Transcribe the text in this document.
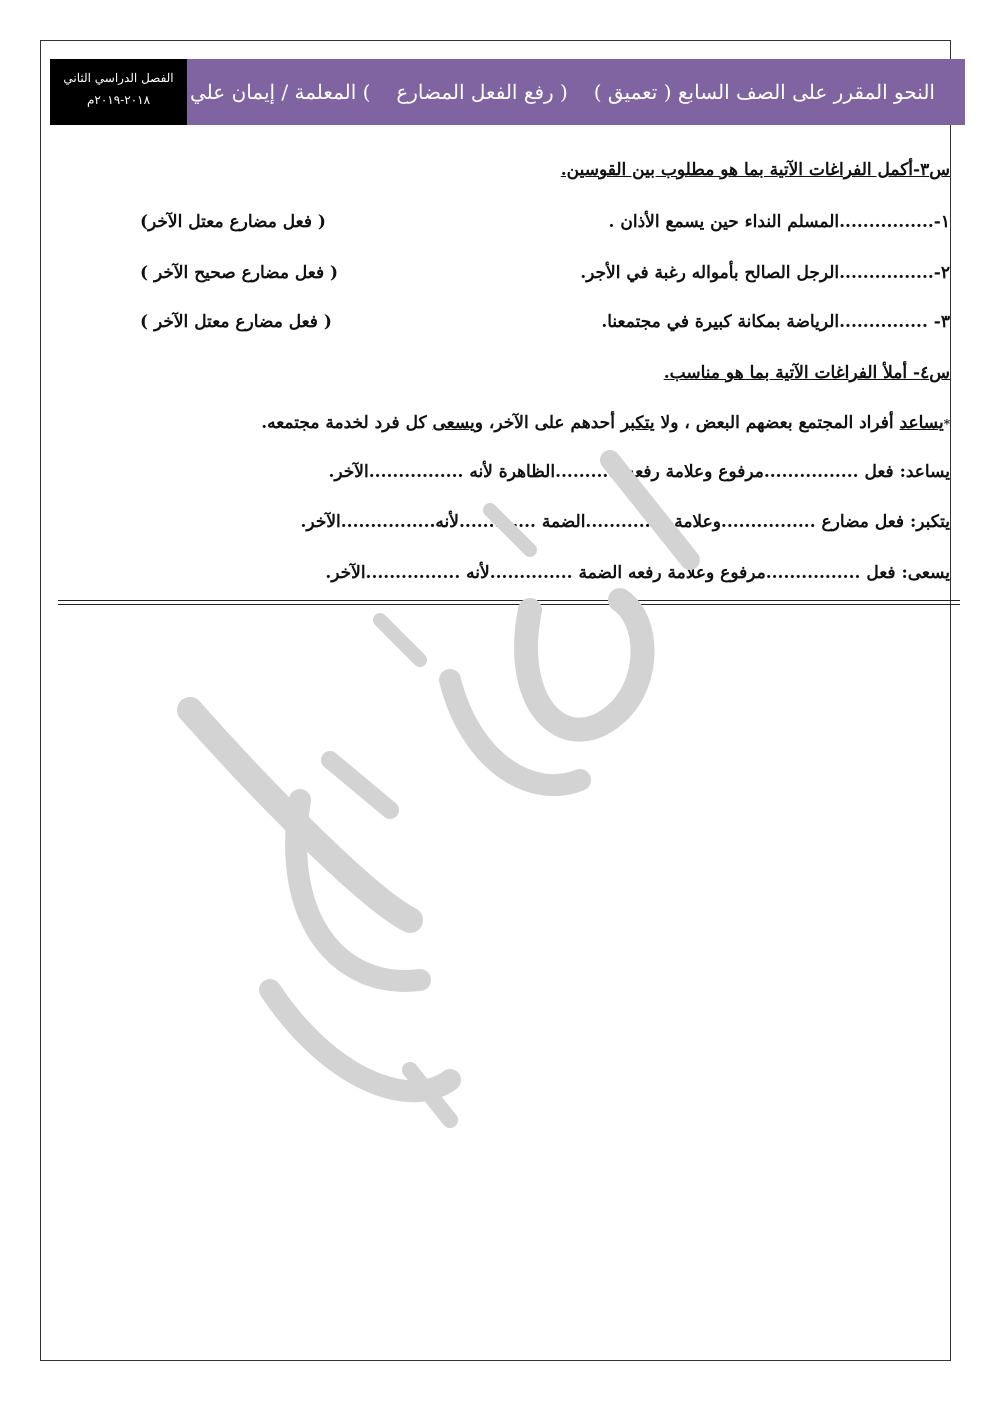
الفصل الدراسي الثاني
٢٠١٨-٢٠١٩م	النحو المقرر على الصف السابع ( تعميق )
( رفع الفعل المضارع
) المعلمة / إيمان علي
س٣-أكمل الفراغات الآتية بما هو مطلوب بين القوسين.
١-................المسلم النداء حين يسمع الأذان .
( فعل مضارع معتل الآخر)
٢-................الرجل الصالح بأمواله رغبة في الأجر.
( فعل مضارع صحيح الآخر )
٣- ...............الرياضة بمكانة كبيرة في مجتمعنا.
( فعل مضارع معتل الآخر )
س٤- أملأ الفراغات الآتية بما هو مناسب.
*يساعد أفراد المجتمع بعضهم البعض ، ولا يتكبر أحدهم على الآخر، ويسعى كل فرد لخدمة مجتمعه.
يساعد: فعل ................مرفوع وعلامة رفعه............الظاهرة لأنه ................الآخر.
يتكبر: فعل مضارع ................وعلامة ..............الضمة .............لأنه................الآخر.
يسعى: فعل ................مرفوع وعلامة رفعه الضمة ..............لأنه ................الآخر.
